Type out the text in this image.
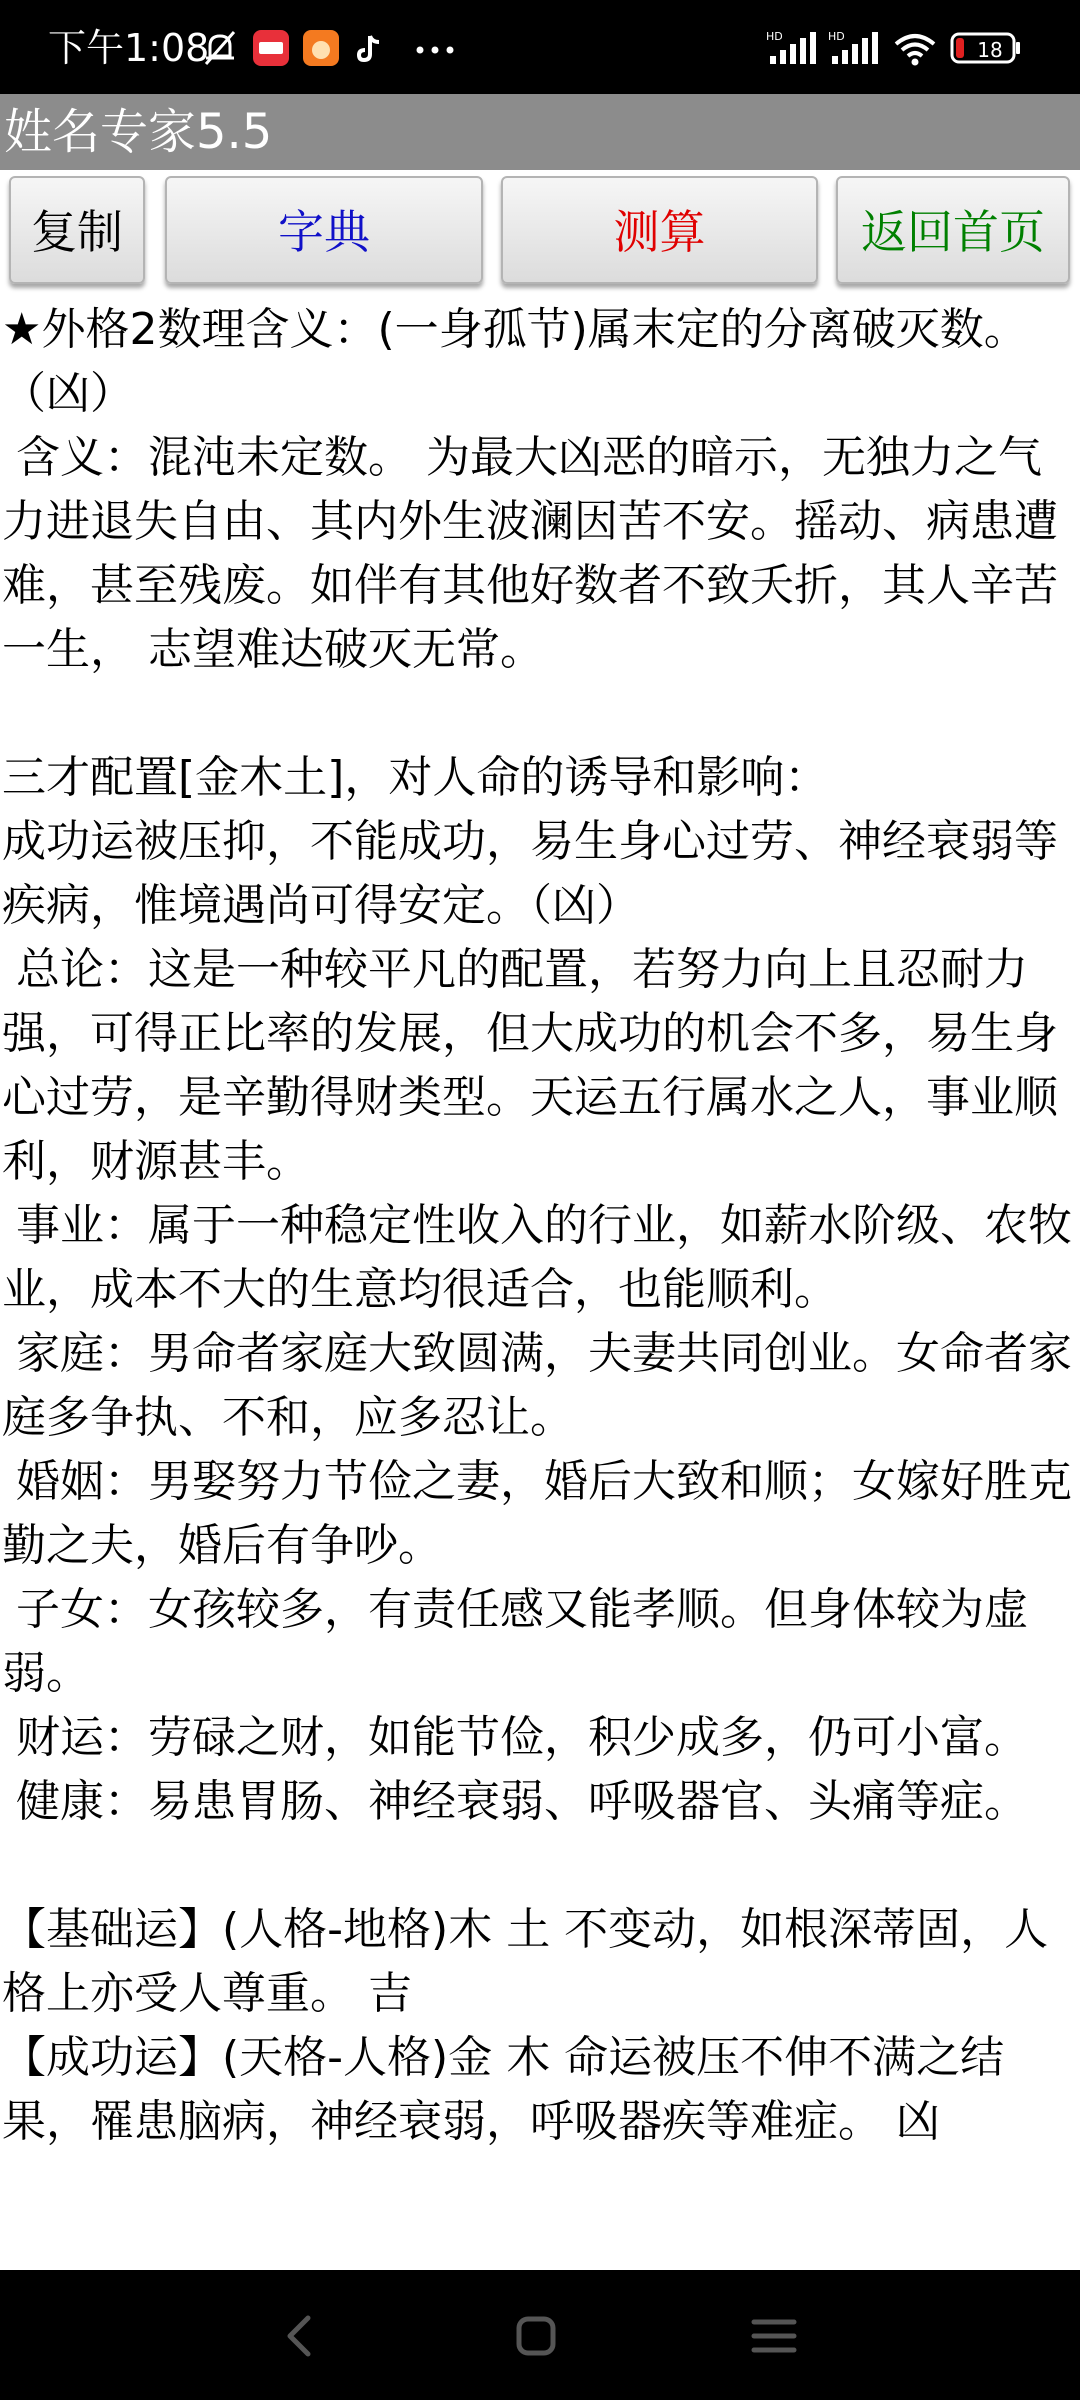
下午1:08	HD	HD
18
姓名专家5.5
复制	字典	测算	返回首页

★外格2数理含义：(一身孤节)属末定的分离破灭数。（凶）

含义：混沌未定数。 为最大凶恶的暗示，无独力之气力进退失自由、其内外生波澜因苦不安。摇动、病患遭难，甚至残废。如伴有其他好数者不致夭折，其人辛苦一生， 志望难达破灭无常。

三才配置[金木土]，对人命的诱导和影响：

成功运被压抑，不能成功，易生身心过劳、神经衰弱等疾病，惟境遇尚可得安定。（凶）

总论：这是一种较平凡的配置，若努力向上且忍耐力强，可得正比率的发展，但大成功的机会不多，易生身心过劳，是辛勤得财类型。天运五行属水之人，事业顺利，财源甚丰。

事业：属于一种稳定性收入的行业，如薪水阶级、农牧业，成本不大的生意均很适合，也能顺利。

家庭：男命者家庭大致圆满，夫妻共同创业。女命者家庭多争执、不和，应多忍让。

婚姻：男娶努力节俭之妻，婚后大致和顺；女嫁好胜克勤之夫，婚后有争吵。

子女：女孩较多，有责任感又能孝顺。但身体较为虚弱。

财运：劳碌之财，如能节俭，积少成多，仍可小富。

健康：易患胃肠、神经衰弱、呼吸器官、头痛等症。

【基础运】(人格-地格)木 土 不变动，如根深蒂固，人格上亦受人尊重。 吉

【成功运】(天格-人格)金 木 命运被压不伸不满之结果，罹患脑病，神经衰弱，呼吸器疾等难症。 凶
